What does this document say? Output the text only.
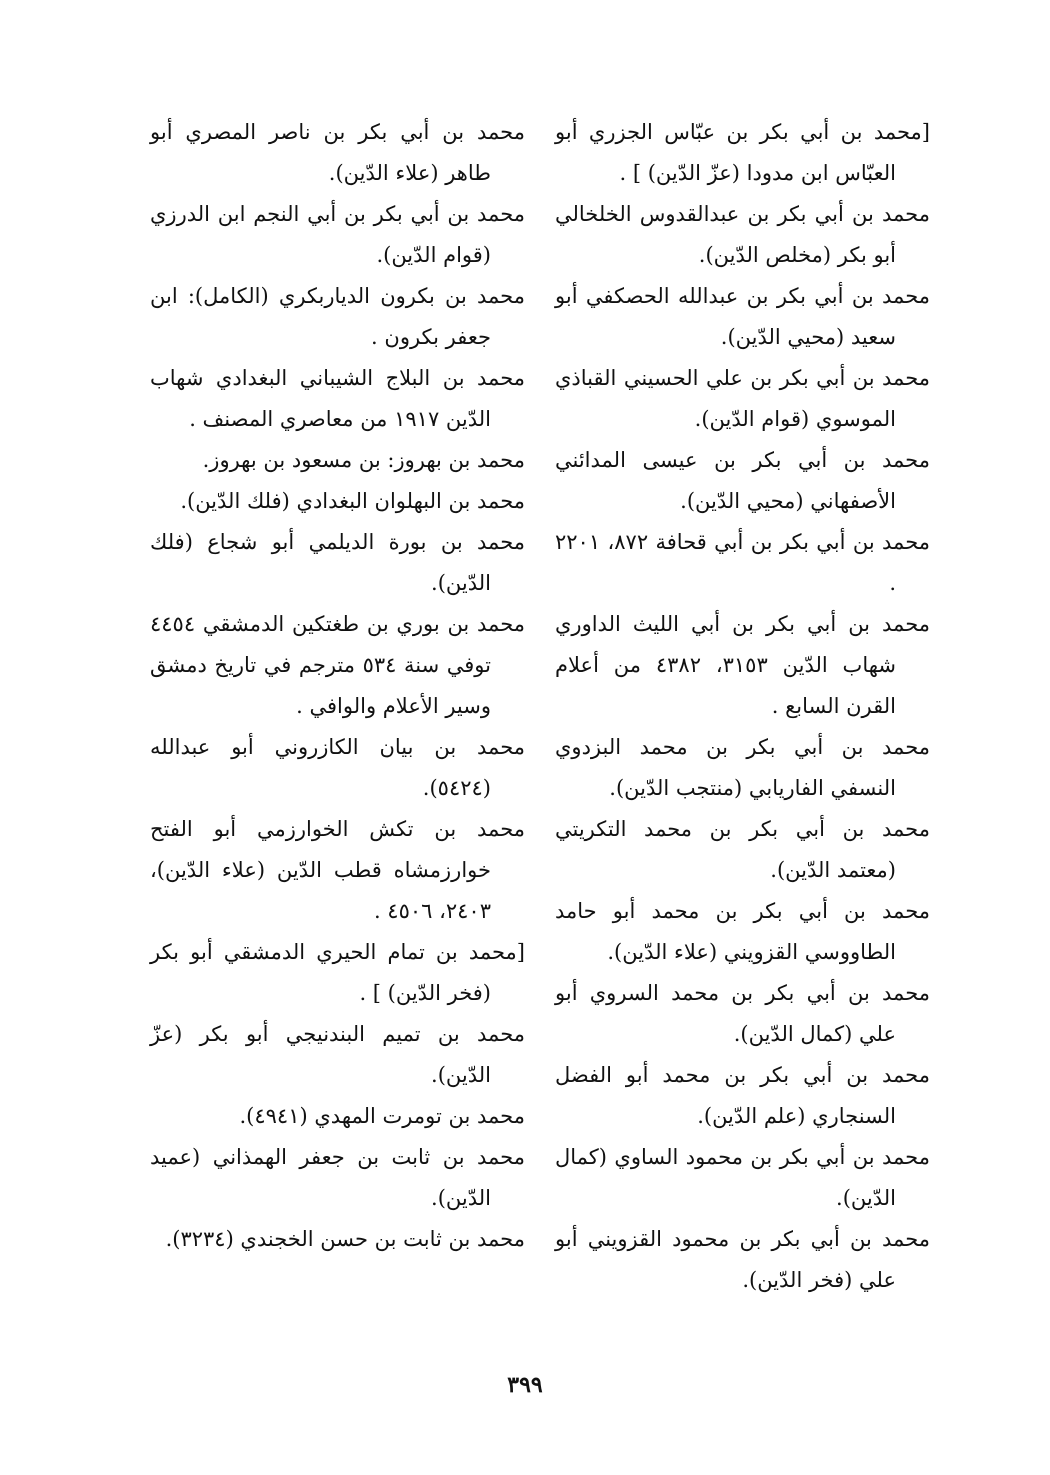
[محمد بن أبي بكر بن عبّاس الجزري أبو العبّاس ابن مدودا (عزّ الدّين) ] .

محمد بن أبي بكر بن عبدالقدوس الخلخالي أبو بكر (مخلص الدّين).

محمد بن أبي بكر بن عبدالله الحصكفي أبو سعيد (محيي الدّين).

محمد بن أبي بكر بن علي الحسيني القباذي الموسوي (قوام الدّين).

محمد بن أبي بكر بن عيسى المدائني الأصفهاني (محيي الدّين).

محمد بن أبي بكر بن أبي قحافة ٨٧٢، ٢٢٠١ .

محمد بن أبي بكر بن أبي الليث الداوري شهاب الدّين ٣١٥٣، ٤٣٨٢ من أعلام القرن السابع .

محمد بن أبي بكر بن محمد البزدوي النسفي الفاريابي (منتجب الدّين).

محمد بن أبي بكر بن محمد التكريتي (معتمد الدّين).

محمد بن أبي بكر بن محمد أبو حامد الطاووسي القزويني (علاء الدّين).

محمد بن أبي بكر بن محمد السروي أبو علي (كمال الدّين).

محمد بن أبي بكر بن محمد أبو الفضل السنجاري (علم الدّين).

محمد بن أبي بكر بن محمود الساوي (كمال الدّين).

محمد بن أبي بكر بن محمود القزويني أبو علي (فخر الدّين).

محمد بن أبي بكر بن ناصر المصري أبو طاهر (علاء الدّين).

محمد بن أبي بكر بن أبي النجم ابن الدرزي (قوام الدّين).

محمد بن بكرون الدياربكري (الكامل): ابن جعفر بكرون .

محمد بن البلاج الشيباني البغدادي شهاب الدّين ١٩١٧ من معاصري المصنف .

محمد بن بهروز: بن مسعود بن بهروز.

محمد بن البهلوان البغدادي (فلك الدّين).

محمد بن بورة الديلمي أبو شجاع (فلك الدّين).

محمد بن بوري بن طغتكين الدمشقي ٤٤٥٤ توفي سنة ٥٣٤ مترجم في تاريخ دمشق وسير الأعلام والوافي .

محمد بن بيان الكازروني أبو عبدالله (٥٤٢٤).

محمد بن تكش الخوارزمي أبو الفتح خوارزمشاه قطب الدّين (علاء الدّين)، ٢٤٠٣، ٤٥٠٦ .

[محمد بن تمام الحيري الدمشقي أبو بكر (فخر الدّين) ] .

محمد بن تميم البندنيجي أبو بكر (عزّ الدّين).

محمد بن تومرت المهدي (٤٩٤١).

محمد بن ثابت بن جعفر الهمذاني (عميد الدّين).

محمد بن ثابت بن حسن الخجندي (٣٢٣٤).

٣٩٩
